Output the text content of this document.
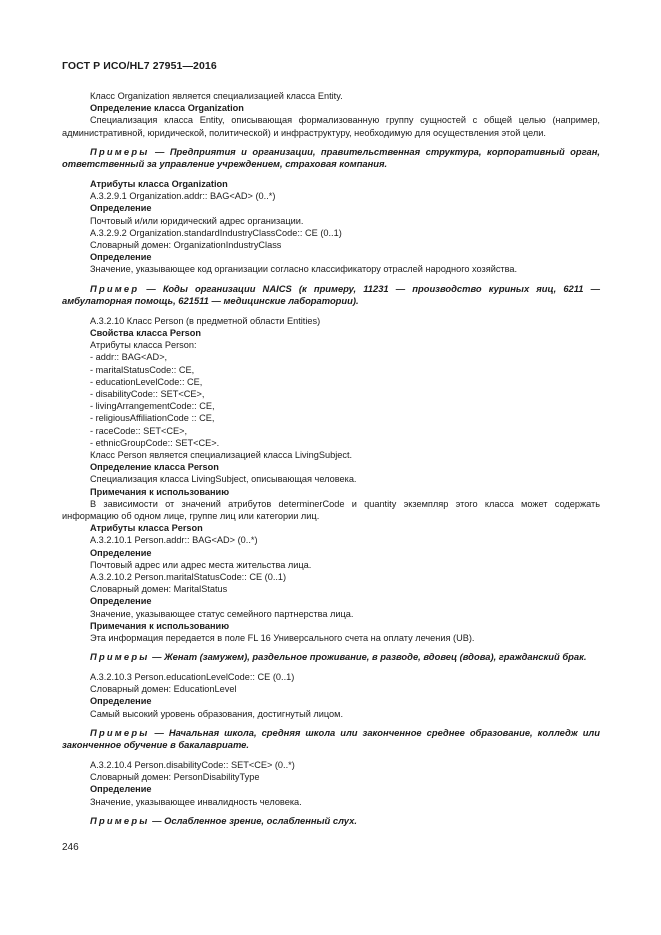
ГОСТ Р ИСО/HL7 27951—2016

Класс Organization является специализацией класса Entity.

Определение класса Organization

Специализация класса Entity, описывающая формализованную группу сущностей с общей целью (например, административной, юридической, политической) и инфраструктуру, необходимую для осуществления этой цели.

Примеры — Предприятия и организации, правительственная структура, корпоративный орган, ответственный за управление учреждением, страховая компания.

Атрибуты класса Organization

A.3.2.9.1 Organization.addr:: BAG<AD> (0..*)

Определение

Почтовый и/или юридический адрес организации.

A.3.2.9.2 Organization.standardIndustryClassCode:: CE (0..1)

Словарный домен: OrganizationIndustryClass

Определение

Значение, указывающее код организации согласно классификатору отраслей народного хозяйства.

Пример — Коды организации NAICS (к примеру, 11231 — производство куриных яиц, 6211 — амбулаторная помощь, 621511 — медицинские лаборатории).

A.3.2.10 Класс Person (в предметной области Entities)

Свойства класса Person

Атрибуты класса Person:

- addr:: BAG<AD>,
- maritalStatusCode:: CE,
- educationLevelCode:: CE,
- disabilityCode:: SET<CE>,
- livingArrangementCode:: CE,
- religiousAffiliationCode :: CE,
- raceCode:: SET<CE>,
- ethnicGroupCode:: SET<CE>.

Класс Person является специализацией класса LivingSubject.

Определение класса Person

Специализация класса LivingSubject, описывающая человека.

Примечания к использованию

В зависимости от значений атрибутов determinerCode и quantity экземпляр этого класса может содержать информацию об одном лице, группе лиц или категории лиц.

Атрибуты класса Person

A.3.2.10.1 Person.addr:: BAG<AD> (0..*)

Определение

Почтовый адрес или адрес места жительства лица.

A.3.2.10.2 Person.maritalStatusCode:: CE (0..1)

Словарный домен: MaritalStatus

Определение

Значение, указывающее статус семейного партнерства лица.

Примечания к использованию

Эта информация передается в поле FL 16 Универсального счета на оплату лечения (UB).

Примеры — Женат (замужем), раздельное проживание, в разводе, вдовец (вдова), гражданский брак.

A.3.2.10.3 Person.educationLevelCode:: CE (0..1)

Словарный домен: EducationLevel

Определение

Самый высокий уровень образования, достигнутый лицом.

Примеры — Начальная школа, средняя школа или законченное среднее образование, колледж или законченное обучение в бакалавриате.

A.3.2.10.4 Person.disabilityCode:: SET<CE> (0..*)

Словарный домен: PersonDisabilityType

Определение

Значение, указывающее инвалидность человека.

Примеры — Ослабленное зрение, ослабленный слух.

246
